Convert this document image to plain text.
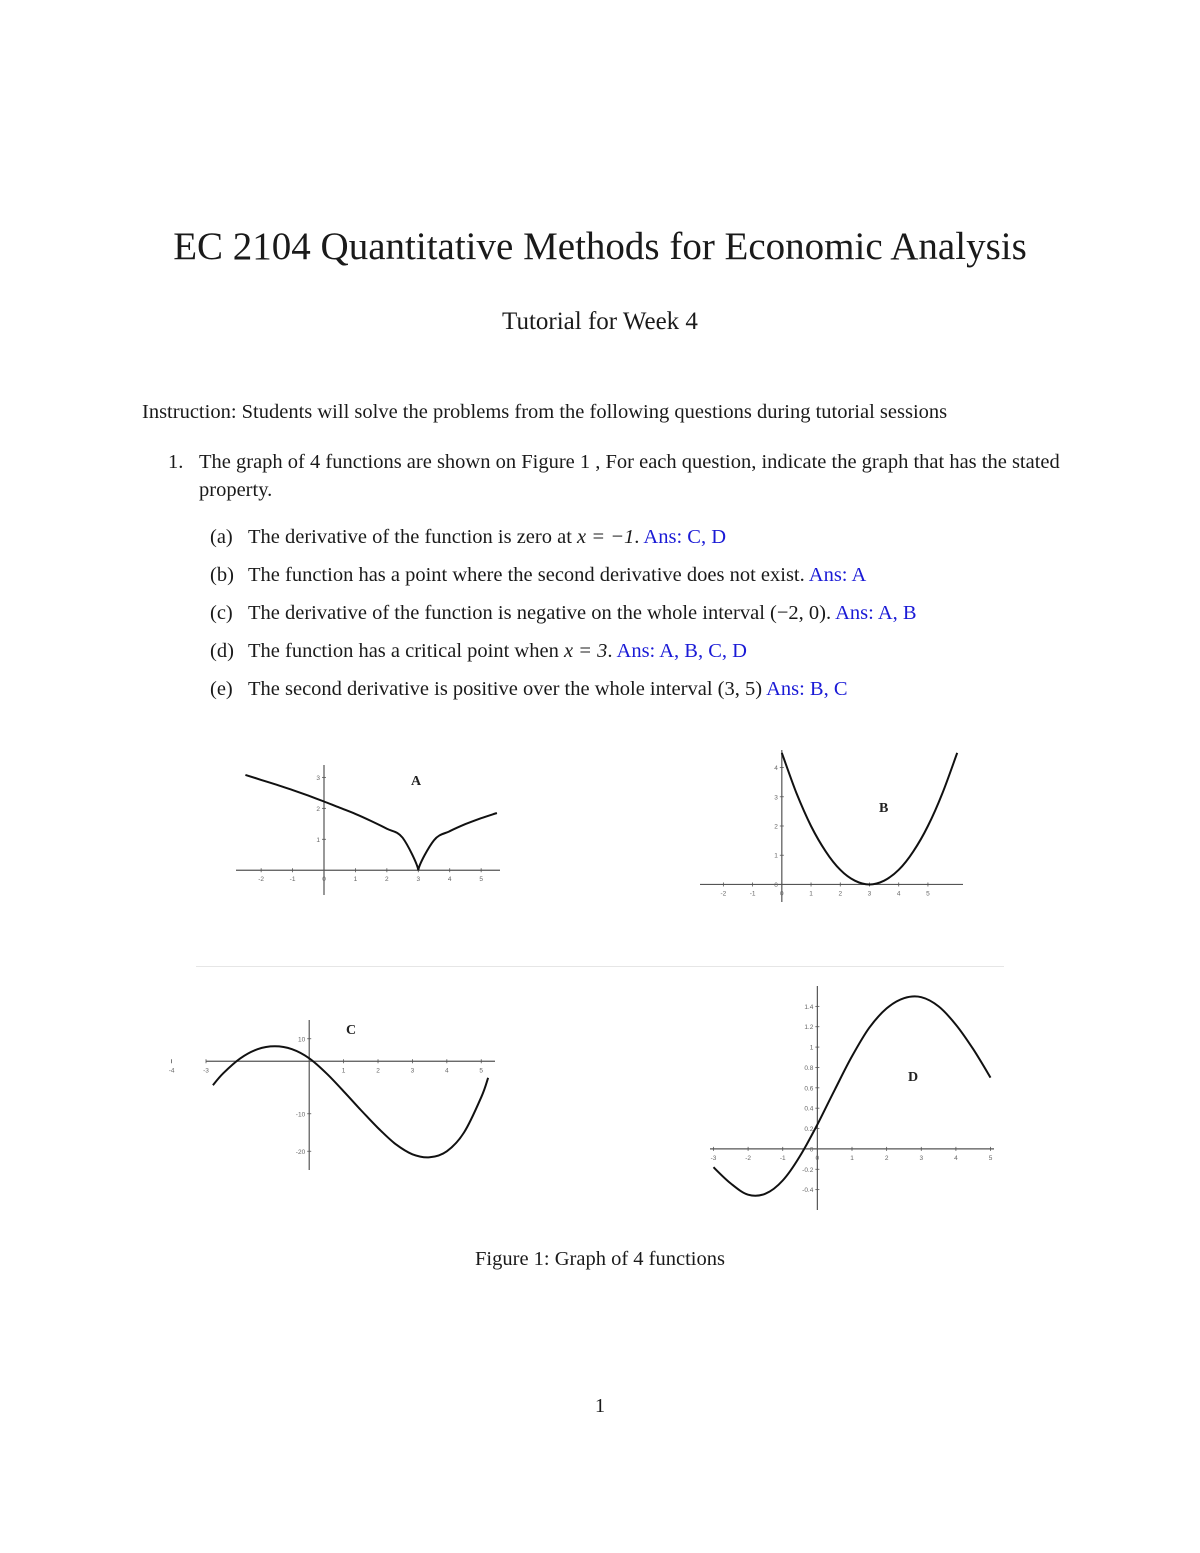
EC 2104 Quantitative Methods for Economic Analysis
Tutorial for Week 4
Instruction: Students will solve the problems from the following questions during tutorial sessions
1. The graph of 4 functions are shown on Figure 1 , For each question, indicate the graph that has the stated property.
(a) The derivative of the function is zero at x = −1. Ans: C, D
(b) The function has a point where the second derivative does not exist. Ans: A
(c) The derivative of the function is negative on the whole interval (−2, 0). Ans: A, B
(d) The function has a critical point when x = 3. Ans: A, B, C, D
(e) The second derivative is positive over the whole interval (3, 5) Ans: B, C
-2	-1	0	1	2	3	4	5
1
2
3	A
-2	-1	0	1	2	3	4	5
0
1
2
3
4
B
-4	-3	1	2	3	4	5
10
-10
-20
C
-3	-2	-1	0	1	2	3	4	5
-0.4
-0.2
0
0.2
0.4
0.6
0.8
1
1.2
1.4
D
Figure 1: Graph of 4 functions
1
